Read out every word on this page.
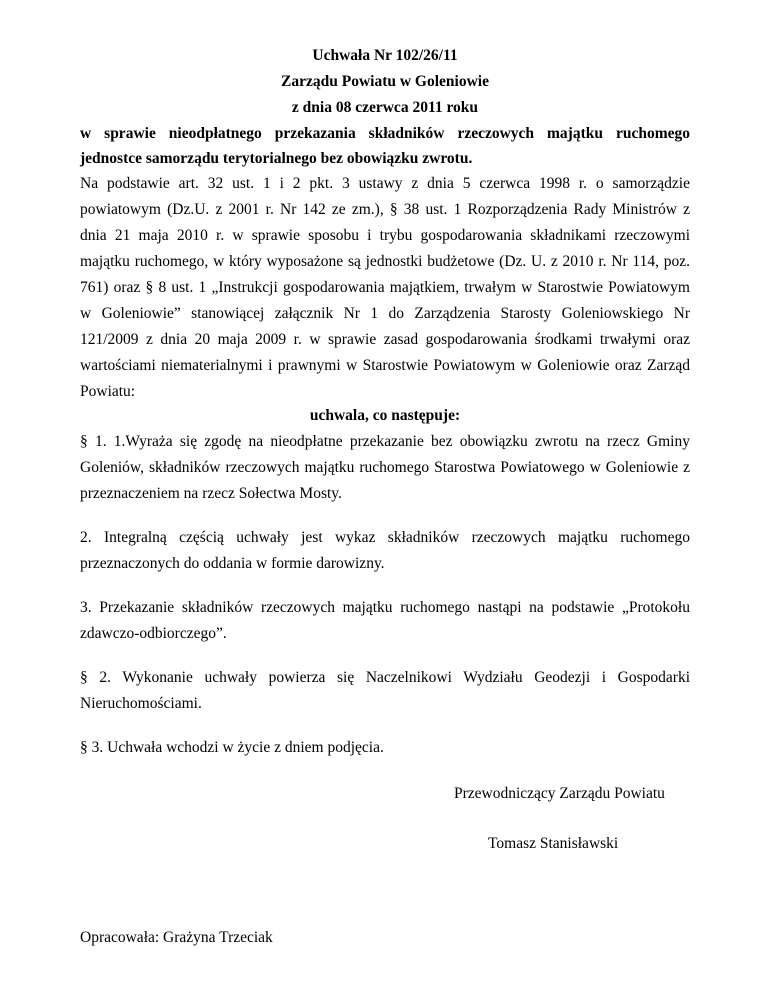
Uchwała Nr 102/26/11
Zarządu Powiatu w Goleniowie
z dnia 08 czerwca 2011 roku
w sprawie nieodpłatnego przekazania składników rzeczowych majątku ruchomego
jednostce samorządu terytorialnego bez obowiązku zwrotu.
Na podstawie art. 32 ust. 1 i 2 pkt. 3 ustawy z dnia 5 czerwca 1998 r. o samorządzie
powiatowym (Dz.U. z 2001 r. Nr 142 ze zm.), § 38 ust. 1 Rozporządzenia Rady Ministrów z
dnia 21 maja 2010 r. w sprawie sposobu i trybu gospodarowania składnikami rzeczowymi
majątku ruchomego, w który wyposażone są jednostki budżetowe (Dz. U. z 2010 r. Nr 114, poz.
761) oraz § 8 ust. 1 „Instrukcji gospodarowania majątkiem, trwałym w Starostwie Powiatowym
w Goleniowie” stanowiącej załącznik Nr 1 do Zarządzenia Starosty Goleniowskiego Nr
121/2009 z dnia 20 maja 2009 r. w sprawie zasad gospodarowania środkami trwałymi oraz
wartościami niematerialnymi i prawnymi w Starostwie Powiatowym w Goleniowie oraz Zarząd
Powiatu:
uchwala, co następuje:
§ 1. 1.Wyraża się zgodę na nieodpłatne przekazanie bez obowiązku zwrotu na rzecz Gminy
Goleniów, składników rzeczowych majątku ruchomego Starostwa Powiatowego w Goleniowie z
przeznaczeniem na rzecz Sołectwa Mosty.
2. Integralną częścią uchwały jest wykaz składników rzeczowych majątku ruchomego
przeznaczonych do oddania w formie darowizny.
3. Przekazanie składników rzeczowych majątku ruchomego nastąpi na podstawie „Protokołu
zdawczo-odbiorczego”.
§ 2. Wykonanie uchwały powierza się Naczelnikowi Wydziału Geodezji i Gospodarki
Nieruchomościami.
§ 3. Uchwała wchodzi w życie z dniem podjęcia.
Przewodniczący Zarządu Powiatu
Tomasz Stanisławski
Opracowała: Grażyna Trzeciak
